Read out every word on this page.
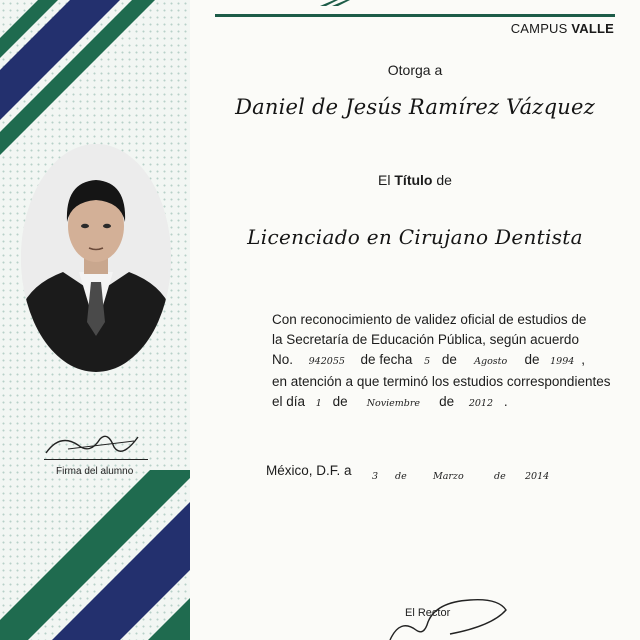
Firma del alumno
CAMPUS VALLE
Otorga a
Daniel de Jesús Ramírez Vázquez
El Título de
Licenciado en Cirujano Dentista
Con reconocimiento de validez oficial de estudios de
la Secretaría de Educación Pública, según acuerdo
No. 942055 de fecha 5 de Agosto de 1994 ,
en atención a que terminó los estudios correspondientes
el día 1 de Noviembre de 2012 .
México, D.F. a 3 de	Marzo	de 2014
El Rector
